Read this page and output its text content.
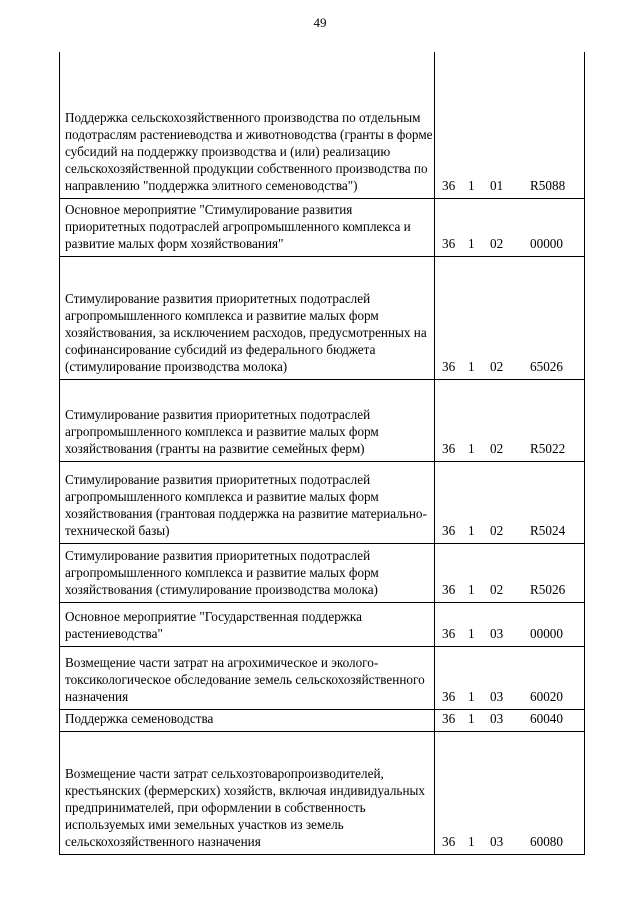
49
Поддержка сельскохозяйственного производства по отдельным подотраслям растениеводства и животноводства (гранты в форме субсидий на поддержку производства и (или) реализацию сельскохозяйственной продукции собственного производства по направлению "поддержка элитного семеноводства")	36 1 01 R5088
Основное мероприятие "Стимулирование развития приоритетных подотраслей агропромышленного комплекса и развитие малых форм хозяйствования"	36 1 02 00000
Стимулирование развития приоритетных подотраслей агропромышленного комплекса и развитие малых форм хозяйствования, за исключением расходов, предусмотренных на софинансирование субсидий из федерального бюджета (стимулирование производства молока)	36 1 02 65026
Стимулирование развития приоритетных подотраслей агропромышленного комплекса и развитие малых форм хозяйствования (гранты на развитие семейных ферм)	36 1 02 R5022
Стимулирование развития приоритетных подотраслей агропромышленного комплекса и развитие малых форм хозяйствования (грантовая поддержка на развитие материально-технической базы)	36 1 02 R5024
Стимулирование развития приоритетных подотраслей агропромышленного комплекса и развитие малых форм хозяйствования (стимулирование производства молока)	36 1 02 R5026
Основное мероприятие "Государственная поддержка растениеводства"	36 1 03 00000
Возмещение части затрат на агрохимическое и эколого-токсикологическое обследование земель сельскохозяйственного назначения	36 1 03 60020
Поддержка семеноводства	36 1 03 60040
Возмещение части затрат сельхозтоваропроизводителей, крестьянских (фермерских) хозяйств, включая индивидуальных предпринимателей, при оформлении в собственность используемых ими земельных участков из земель сельскохозяйственного назначения	36 1 03 60080
